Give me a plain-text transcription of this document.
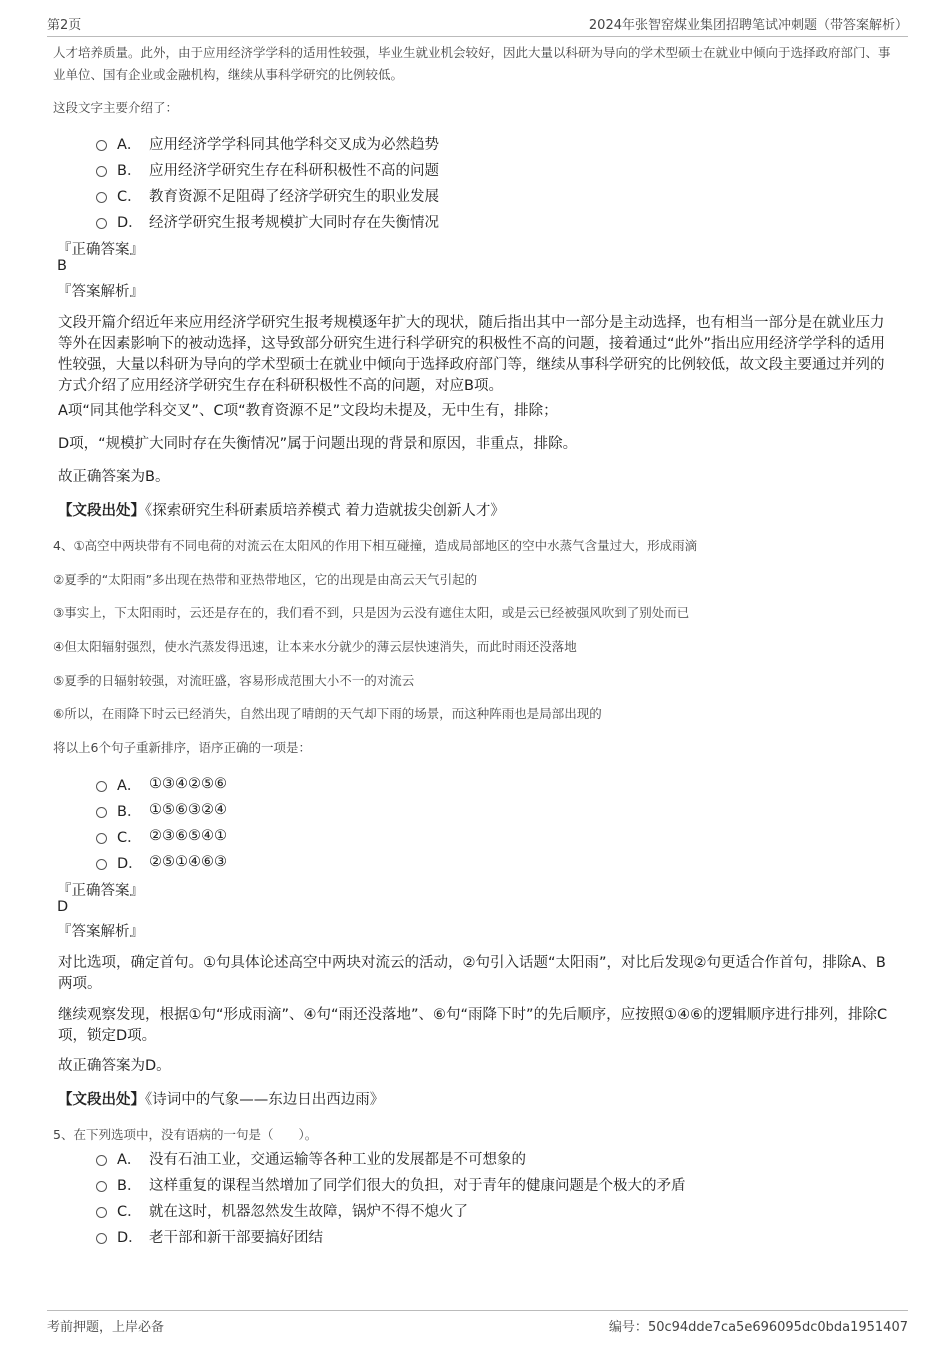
第2页	2024年张智窑煤业集团招聘笔试冲刺题（带答案解析）
人才培养质量。此外，由于应用经济学学科的适用性较强，毕业生就业机会较好，因此大量以科研为导向的学术型硕士在就业中倾向于选择政府部门、事业单位、国有企业或金融机构，继续从事科学研究的比例较低。
这段文字主要介绍了：
A． 应用经济学学科同其他学科交叉成为必然趋势
B． 应用经济学研究生存在科研积极性不高的问题
C． 教育资源不足阻碍了经济学研究生的职业发展
D． 经济学研究生报考规模扩大同时存在失衡情况
『正确答案』
B
『答案解析』
文段开篇介绍近年来应用经济学研究生报考规模逐年扩大的现状，随后指出其中一部分是主动选择，也有相当一部分是在就业压力等外在因素影响下的被动选择，这导致部分研究生进行科学研究的积极性不高的问题，接着通过“此外”指出应用经济学学科的适用性较强，大量以科研为导向的学术型硕士在就业中倾向于选择政府部门等，继续从事科学研究的比例较低，故文段主要通过并列的方式介绍了应用经济学研究生存在科研积极性不高的问题，对应B项。
A项“同其他学科交叉”、C项“教育资源不足”文段均未提及，无中生有，排除；
D项，“规模扩大同时存在失衡情况”属于问题出现的背景和原因，非重点，排除。
故正确答案为B。
【文段出处】《探索研究生科研素质培养模式 着力造就拔尖创新人才》
4、①高空中两块带有不同电荷的对流云在太阳风的作用下相互碰撞，造成局部地区的空中水蒸气含量过大，形成雨滴
②夏季的“太阳雨”多出现在热带和亚热带地区，它的出现是由高云天气引起的
③事实上，下太阳雨时，云还是存在的，我们看不到，只是因为云没有遮住太阳，或是云已经被强风吹到了别处而已
④但太阳辐射强烈，使水汽蒸发得迅速，让本来水分就少的薄云层快速消失，而此时雨还没落地
⑤夏季的日辐射较强，对流旺盛，容易形成范围大小不一的对流云
⑥所以，在雨降下时云已经消失，自然出现了晴朗的天气却下雨的场景，而这种阵雨也是局部出现的
将以上6个句子重新排序，语序正确的一项是：
A． ①③④②⑤⑥
B． ①⑤⑥③②④
C． ②③⑥⑤④①
D． ②⑤①④⑥③
『正确答案』
D
『答案解析』
对比选项，确定首句。①句具体论述高空中两块对流云的活动，②句引入话题“太阳雨”，对比后发现②句更适合作首句，排除A、B两项。
继续观察发现，根据①句“形成雨滴”、④句“雨还没落地”、⑥句“雨降下时”的先后顺序，应按照①④⑥的逻辑顺序进行排列，排除C项，锁定D项。
故正确答案为D。
【文段出处】《诗词中的气象——东边日出西边雨》
5、在下列选项中，没有语病的一句是（　　）。
A． 没有石油工业，交通运输等各种工业的发展都是不可想象的
B． 这样重复的课程当然增加了同学们很大的负担，对于青年的健康问题是个极大的矛盾
C． 就在这时，机器忽然发生故障，锅炉不得不熄火了
D． 老干部和新干部要搞好团结
考前押题，上岸必备	编号：50c94dde7ca5e696095dc0bda1951407
